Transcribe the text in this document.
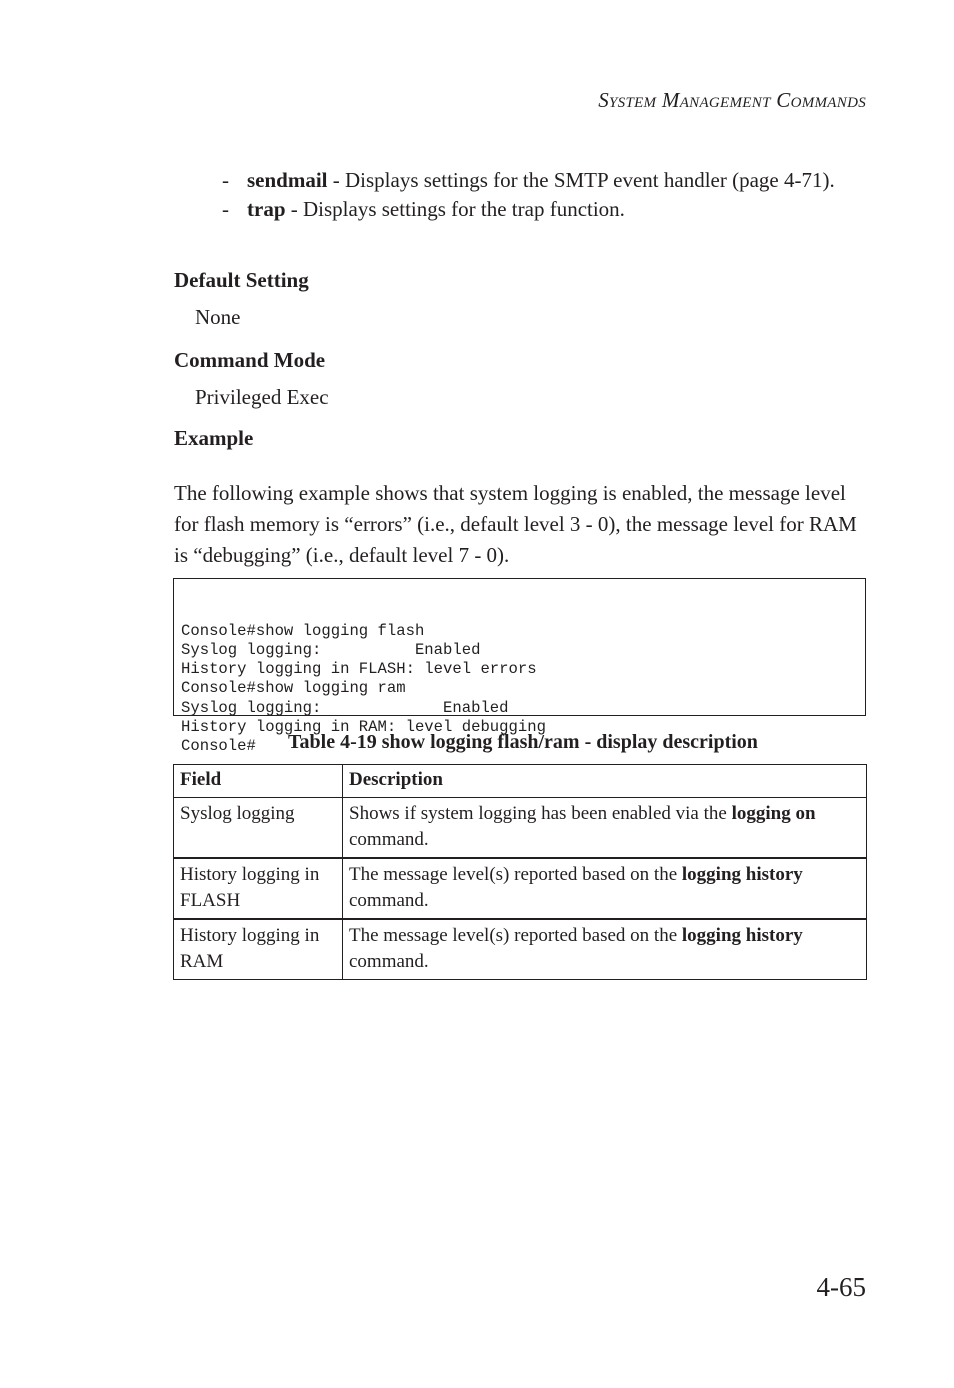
System Management Commands
- sendmail - Displays settings for the SMTP event handler (page 4-71).
- trap - Displays settings for the trap function.
Default Setting
None
Command Mode
Privileged Exec
Example
The following example shows that system logging is enabled, the message level for flash memory is “errors” (i.e., default level 3 - 0), the message level for RAM is “debugging” (i.e., default level 7 - 0).

Console#show logging flash
Syslog logging:          Enabled
History logging in FLASH: level errors
Console#show logging ram
Syslog logging:             Enabled
History logging in RAM: level debugging
Console#	Table 4-19 show logging flash/ram - display description
Field	Description
Syslog logging	Shows if system logging has been enabled via the logging on command.
History logging in FLASH	The message level(s) reported based on the logging history command.
History logging in RAM	The message level(s) reported based on the logging history command.
4-65
